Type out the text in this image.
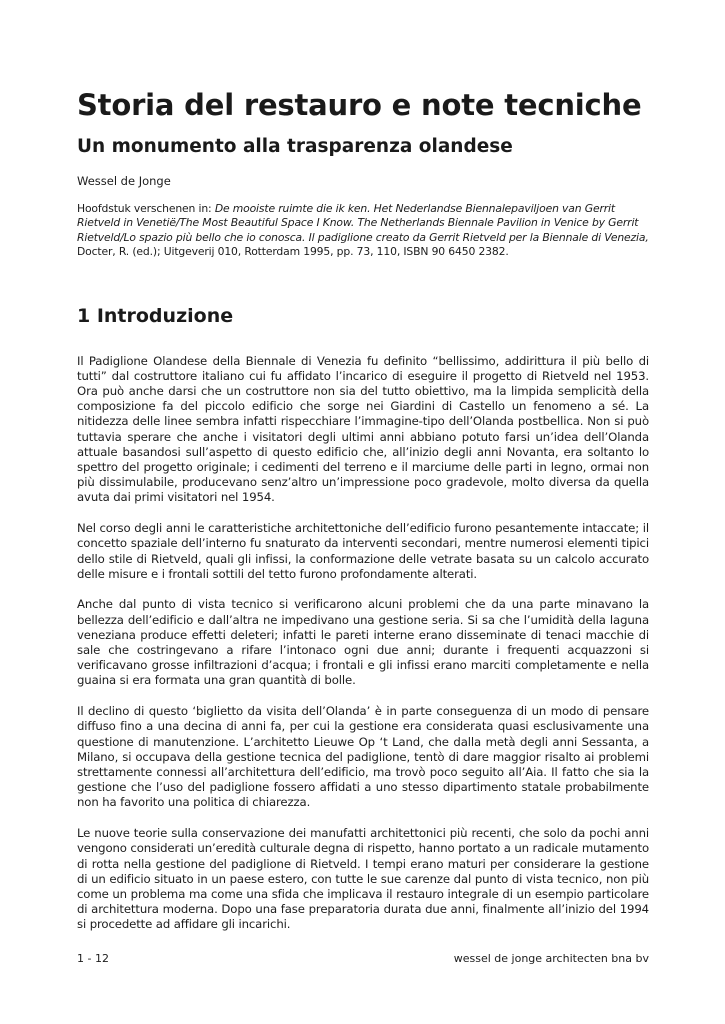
Storia del restauro e note tecniche
Un monumento alla trasparenza olandese
Wessel de Jonge
Hoofdstuk verschenen in: De mooiste ruimte die ik ken. Het Nederlandse Biennalepaviljoen van Gerrit Rietveld in Venetië/The Most Beautiful Space I Know. The Netherlands Biennale Pavilion in Venice by Gerrit Rietveld/Lo spazio più bello che io conosca. Il padiglione creato da Gerrit Rietveld per la Biennale di Venezia, Docter, R. (ed.); Uitgeverij 010, Rotterdam 1995, pp. 73, 110, ISBN 90 6450 2382.
1 Introduzione

Il Padiglione Olandese della Biennale di Venezia fu definito “bellissimo, addirittura il più bello di tutti” dal costruttore italiano cui fu affidato l’incarico di eseguire il progetto di Rietveld nel 1953. Ora può anche darsi che un costruttore non sia del tutto obiettivo, ma la limpida semplicità della composizione fa del piccolo edificio che sorge nei Giardini di Castello un fenomeno a sé. La nitidezza delle linee sembra infatti rispecchiare l’immagine-tipo dell’Olanda postbellica. Non si può tuttavia sperare che anche i visitatori degli ultimi anni abbiano potuto farsi un’idea dell’Olanda attuale basandosi sull’aspetto di questo edificio che, all’inizio degli anni Novanta, era soltanto lo spettro del progetto originale; i cedimenti del terreno e il marciume delle parti in legno, ormai non più dissimulabile, producevano senz’altro un’impressione poco gradevole, molto diversa da quella avuta dai primi visitatori nel 1954.

Nel corso degli anni le caratteristiche architettoniche dell’edificio furono pesantemente intaccate; il concetto spaziale dell’interno fu snaturato da interventi secondari, mentre numerosi elementi tipici dello stile di Rietveld, quali gli infissi, la conformazione delle vetrate basata su un calcolo accurato delle misure e i frontali sottili del tetto furono profondamente alterati.

Anche dal punto di vista tecnico si verificarono alcuni problemi che da una parte minavano la bellezza dell’edificio e dall’altra ne impedivano una gestione seria. Si sa che l’umidità della laguna veneziana produce effetti deleteri; infatti le pareti interne erano disseminate di tenaci macchie di sale che costringevano a rifare l’intonaco ogni due anni; durante i frequenti acquazzoni si verificavano grosse infiltrazioni d’acqua; i frontali e gli infissi erano marciti completamente e nella guaina si era formata una gran quantità di bolle.

Il declino di questo ‘biglietto da visita dell’Olanda’ è in parte conseguenza di un modo di pensare diffuso fino a una decina di anni fa, per cui la gestione era considerata quasi esclusivamente una questione di manutenzione. L’architetto Lieuwe Op ‘t Land, che dalla metà degli anni Sessanta, a Milano, si occupava della gestione tecnica del padiglione, tentò di dare maggior risalto ai problemi strettamente connessi all’architettura dell’edificio, ma trovò poco seguito all’Aia. Il fatto che sia la gestione che l’uso del padiglione fossero affidati a uno stesso dipartimento statale probabilmente non ha favorito una politica di chiarezza.

Le nuove teorie sulla conservazione dei manufatti architettonici più recenti, che solo da pochi anni vengono considerati un’eredità culturale degna di rispetto, hanno portato a un radicale mutamento di rotta nella gestione del padiglione di Rietveld. I tempi erano maturi per considerare la gestione di un edificio situato in un paese estero, con tutte le sue carenze dal punto di vista tecnico, non più come un problema ma come una sfida che implicava il restauro integrale di un esempio particolare di architettura moderna. Dopo una fase preparatoria durata due anni, finalmente all’inizio del 1994 si procedette ad affidare gli incarichi.

1 - 12	wessel de jonge architecten bna bv
